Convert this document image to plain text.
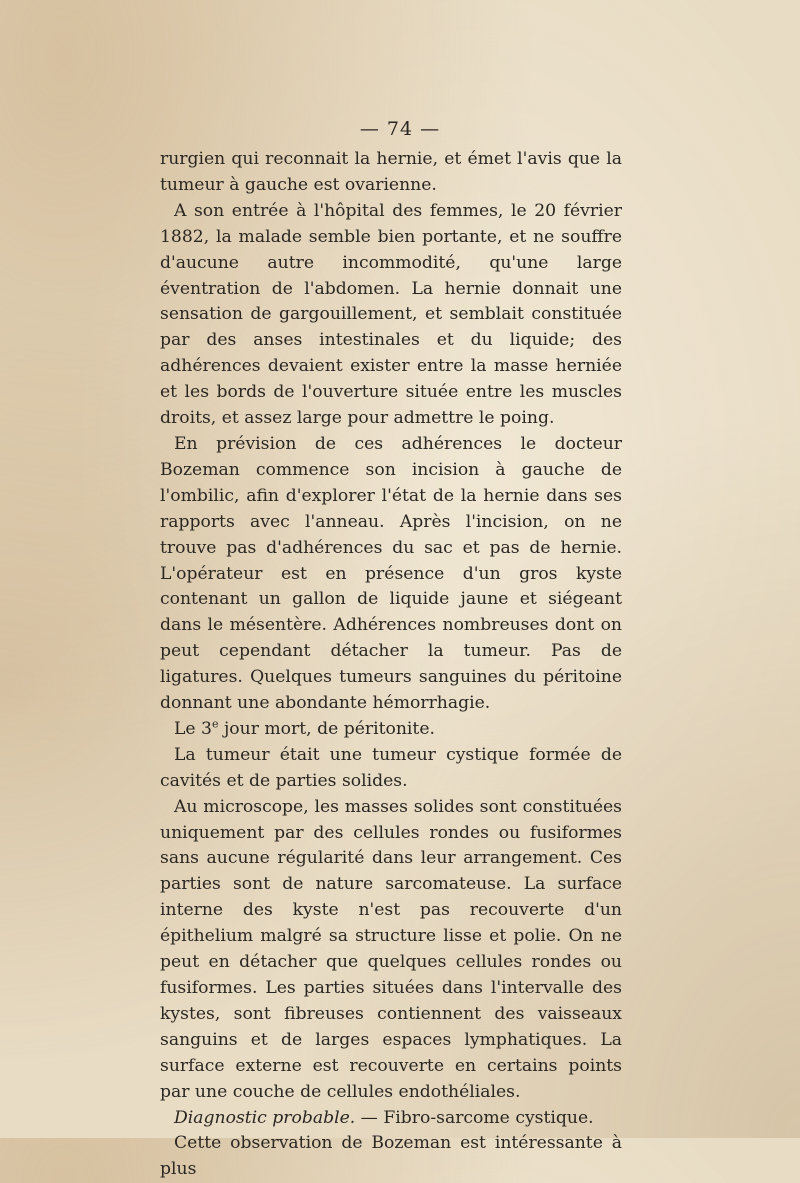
— 74 —

rurgien qui reconnait la hernie, et émet l'avis que la tumeur à gauche est ovarienne.

A son entrée à l'hôpital des femmes, le 20 février 1882, la malade semble bien portante, et ne souffre d'aucune autre incommodité, qu'une large éventration de l'abdomen. La hernie donnait une sensation de gargouillement, et semblait constituée par des anses intestinales et du liquide; des adhérences devaient exister entre la masse herniée et les bords de l'ouverture située entre les muscles droits, et assez large pour admettre le poing.

En prévision de ces adhérences le docteur Bozeman commence son incision à gauche de l'ombilic, afin d'explorer l'état de la hernie dans ses rapports avec l'anneau. Après l'incision, on ne trouve pas d'adhérences du sac et pas de hernie. L'opérateur est en présence d'un gros kyste contenant un gallon de liquide jaune et siégeant dans le mésentère. Adhérences nombreuses dont on peut cependant détacher la tumeur. Pas de ligatures. Quelques tumeurs sanguines du péritoine donnant une abondante hémorrhagie.

Le 3e jour mort, de péritonite.

La tumeur était une tumeur cystique formée de cavités et de parties solides.

Au microscope, les masses solides sont constituées uniquement par des cellules rondes ou fusiformes sans aucune régularité dans leur arrangement. Ces parties sont de nature sarcomateuse. La surface interne des kyste n'est pas recouverte d'un épithelium malgré sa structure lisse et polie. On ne peut en détacher que quelques cellules rondes ou fusiformes. Les parties situées dans l'intervalle des kystes, sont fibreuses contiennent des vaisseaux sanguins et de larges espaces lymphatiques. La surface externe est recouverte en certains points par une couche de cellules endothéliales.

Diagnostic probable. — Fibro-sarcome cystique.

Cette observation de Bozeman est intéressante à plus
